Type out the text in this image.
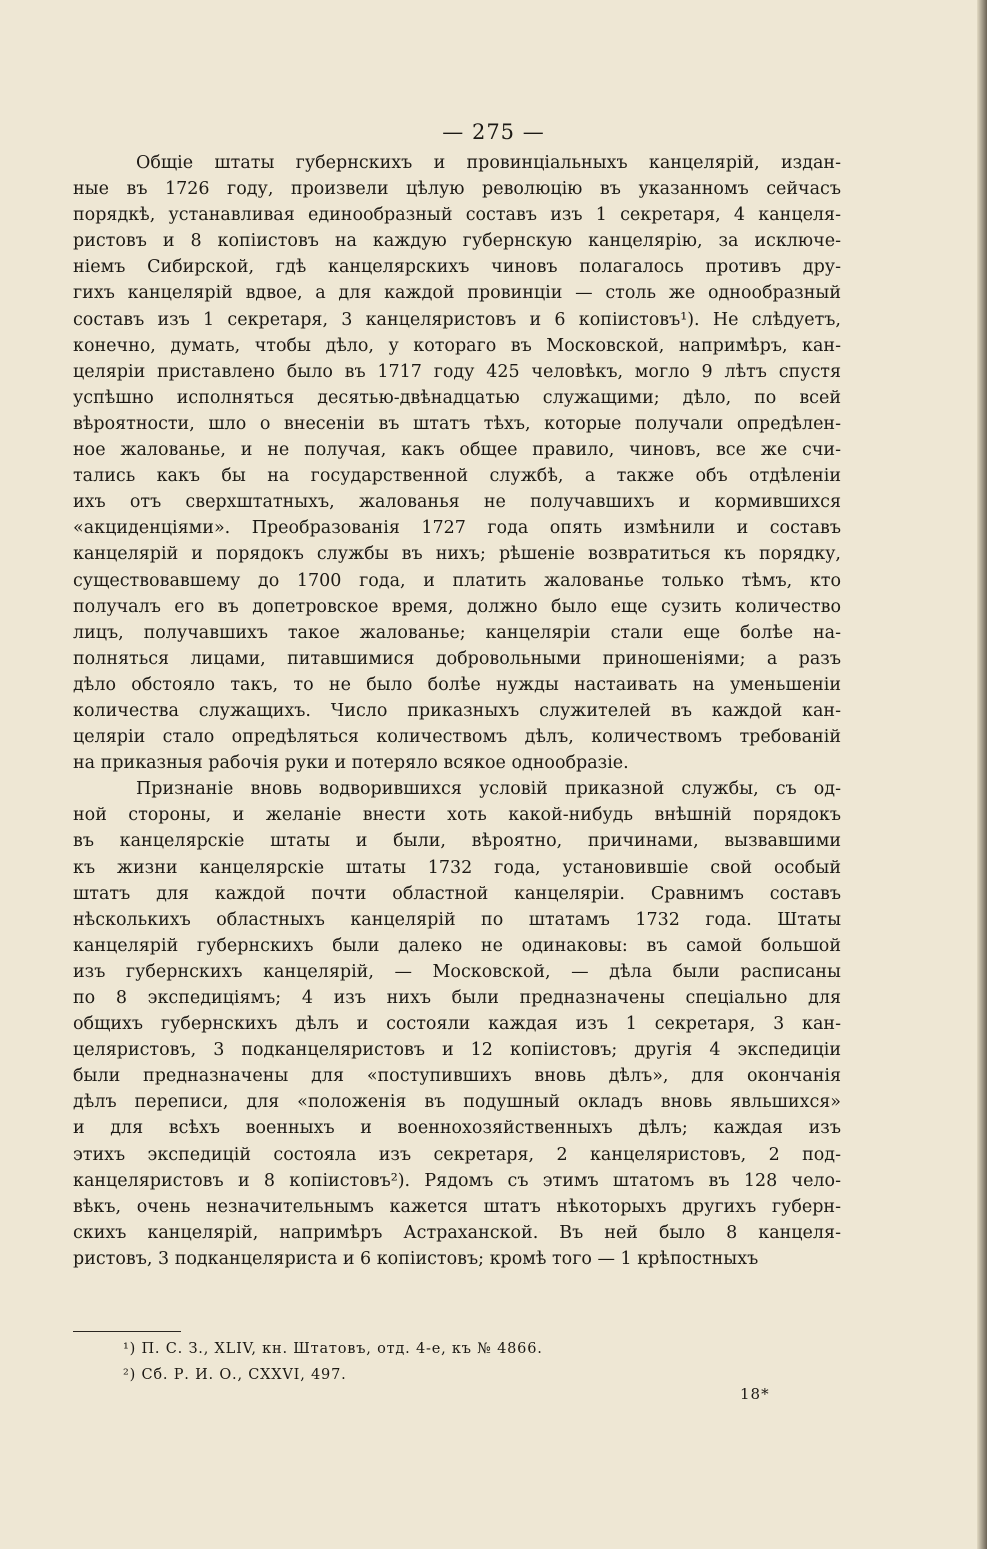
— 275 —
Общіе штаты губернскихъ и провинціальныхъ канцелярій, издан-
ные въ 1726 году, произвели цѣлую революцію въ указанномъ сейчасъ
порядкѣ, устанавливая единообразный составъ изъ 1 секретаря, 4 канцеля-
ристовъ и 8 копіистовъ на каждую губернскую канцелярію, за исключе-
ніемъ Сибирской, гдѣ канцелярскихъ чиновъ полагалось противъ дру-
гихъ канцелярій вдвое, а для каждой провинціи — столь же однообразный
составъ изъ 1 секретаря, 3 канцеляристовъ и 6 копіистовъ¹). Не слѣдуетъ,
конечно, думать, чтобы дѣло, у котораго въ Московской, напримѣръ, кан-
целяріи приставлено было въ 1717 году 425 человѣкъ, могло 9 лѣтъ спустя
успѣшно исполняться десятью-двѣнадцатью служащими; дѣло, по всей
вѣроятности, шло о внесеніи въ штатъ тѣхъ, которые получали опредѣлен-
ное жалованье, и не получая, какъ общее правило, чиновъ, все же счи-
тались какъ бы на государственной службѣ, а также объ отдѣленіи
ихъ отъ сверхштатныхъ, жалованья не получавшихъ и кормившихся
«акциденціями». Преобразованія 1727 года опять измѣнили и составъ
канцелярій и порядокъ службы въ нихъ; рѣшеніе возвратиться къ порядку,
существовавшему до 1700 года, и платить жалованье только тѣмъ, кто
получалъ его въ допетровское время, должно было еще сузить количество
лицъ, получавшихъ такое жалованье; канцеляріи стали еще болѣе на-
полняться лицами, питавшимися добровольными приношеніями; а разъ
дѣло обстояло такъ, то не было болѣе нужды настаивать на уменьшеніи
количества служащихъ. Число приказныхъ служителей въ каждой кан-
целяріи стало опредѣляться количествомъ дѣлъ, количествомъ требованій
на приказныя рабочія руки и потеряло всякое однообразіе.
Признаніе вновь водворившихся условій приказной службы, съ од-
ной стороны, и желаніе внести хоть какой-нибудь внѣшній порядокъ
въ канцелярскіе штаты и были, вѣроятно, причинами, вызвавшими
къ жизни канцелярскіе штаты 1732 года, установившіе свой особый
штатъ для каждой почти областной канцеляріи. Сравнимъ составъ
нѣсколькихъ областныхъ канцелярій по штатамъ 1732 года. Штаты
канцелярій губернскихъ были далеко не одинаковы: въ самой большой
изъ губернскихъ канцелярій, — Московской, — дѣла были расписаны
по 8 экспедиціямъ; 4 изъ нихъ были предназначены спеціально для
общихъ губернскихъ дѣлъ и состояли каждая изъ 1 секретаря, 3 кан-
целяристовъ, 3 подканцеляристовъ и 12 копіистовъ; другія 4 экспедиціи
были предназначены для «поступившихъ вновь дѣлъ», для окончанія
дѣлъ переписи, для «положенія въ подушный окладъ вновь явльшихся»
и для всѣхъ военныхъ и военнохозяйственныхъ дѣлъ; каждая изъ
этихъ экспедицій состояла изъ секретаря, 2 канцеляристовъ, 2 под-
канцеляристовъ и 8 копіистовъ²). Рядомъ съ этимъ штатомъ въ 128 чело-
вѣкъ, очень незначительнымъ кажется штатъ нѣкоторыхъ другихъ губерн-
скихъ канцелярій, напримѣръ Астраханской. Въ ней было 8 канцеля-
ристовъ, 3 подканцеляриста и 6 копіистовъ; кромѣ того — 1 крѣпостныхъ
¹) П. С. З., XLIV, кн. Штатовъ, отд. 4-е, къ № 4866.
²) Сб. Р. И. О., CXXVI, 497.
18*
